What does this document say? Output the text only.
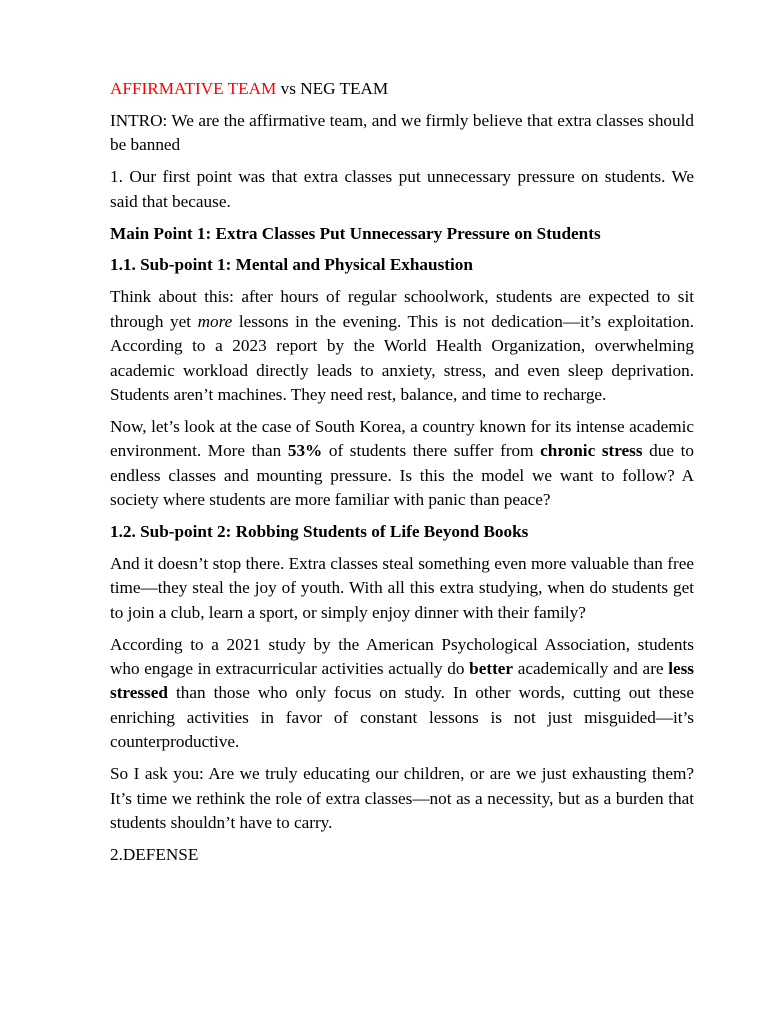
AFFIRMATIVE TEAM vs NEG TEAM

INTRO: We are the affirmative team, and we firmly believe that extra classes should be banned

1. Our first point was that extra classes put unnecessary pressure on students. We said that because.

Main Point 1: Extra Classes Put Unnecessary Pressure on Students

1.1. Sub-point 1: Mental and Physical Exhaustion

Think about this: after hours of regular schoolwork, students are expected to sit through yet more lessons in the evening. This is not dedication—it’s exploitation. According to a 2023 report by the World Health Organization, overwhelming academic workload directly leads to anxiety, stress, and even sleep deprivation. Students aren’t machines. They need rest, balance, and time to recharge.

Now, let’s look at the case of South Korea, a country known for its intense academic environment. More than 53% of students there suffer from chronic stress due to endless classes and mounting pressure. Is this the model we want to follow? A society where students are more familiar with panic than peace?

1.2. Sub-point 2: Robbing Students of Life Beyond Books

And it doesn’t stop there. Extra classes steal something even more valuable than free time—they steal the joy of youth. With all this extra studying, when do students get to join a club, learn a sport, or simply enjoy dinner with their family?

According to a 2021 study by the American Psychological Association, students who engage in extracurricular activities actually do better academically and are less stressed than those who only focus on study. In other words, cutting out these enriching activities in favor of constant lessons is not just misguided—it’s counterproductive.

So I ask you: Are we truly educating our children, or are we just exhausting them? It’s time we rethink the role of extra classes—not as a necessity, but as a burden that students shouldn’t have to carry.

2.DEFENSE
